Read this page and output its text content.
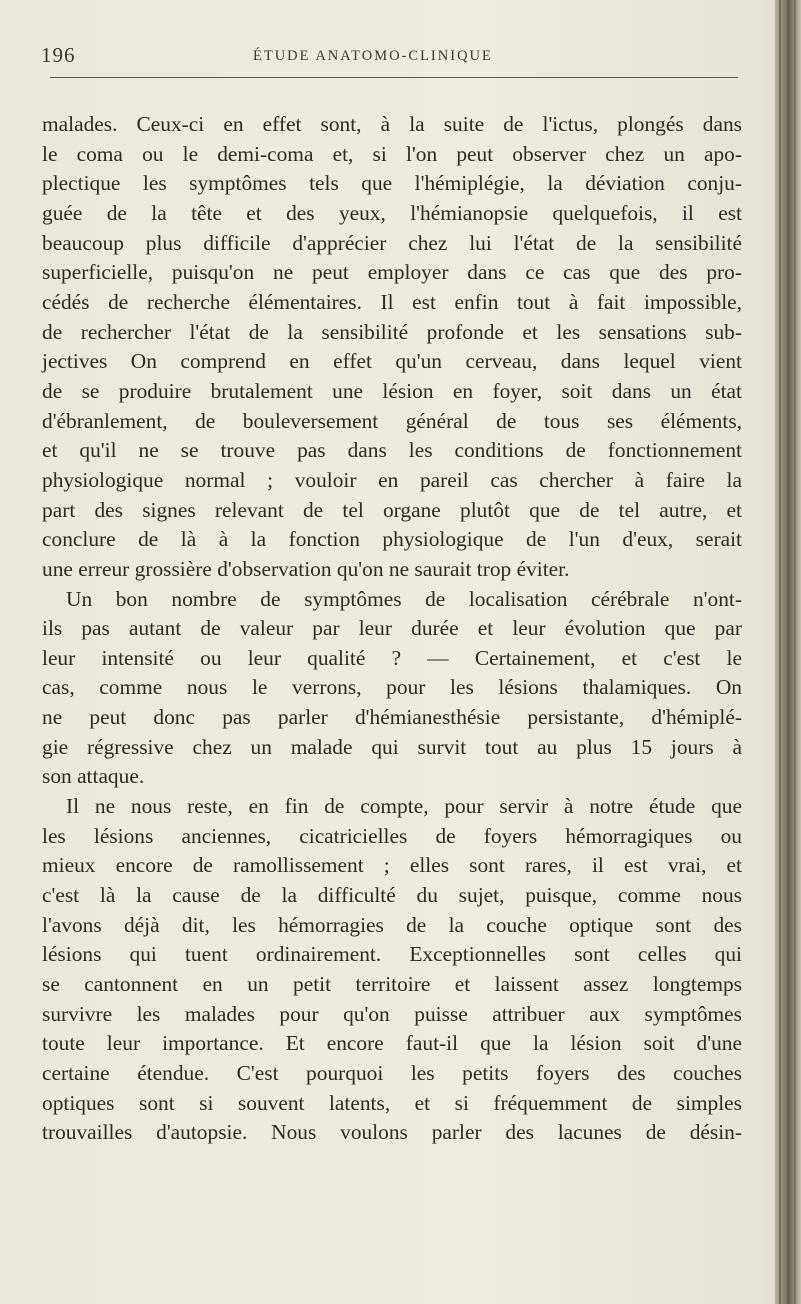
196	ÉTUDE ANATOMO-CLINIQUE
malades. Ceux-ci en effet sont, à la suite de l'ictus, plongés dans
le coma ou le demi-coma et, si l'on peut observer chez un apo-
plectique les symptômes tels que l'hémiplégie, la déviation conju-
guée de la tête et des yeux, l'hémianopsie quelquefois, il est
beaucoup plus difficile d'apprécier chez lui l'état de la sensibilité
superficielle, puisqu'on ne peut employer dans ce cas que des pro-
cédés de recherche élémentaires. Il est enfin tout à fait impossible,
de rechercher l'état de la sensibilité profonde et les sensations sub-
jectives On comprend en effet qu'un cerveau, dans lequel vient
de se produire brutalement une lésion en foyer, soit dans un état
d'ébranlement, de bouleversement général de tous ses éléments,
et qu'il ne se trouve pas dans les conditions de fonctionnement
physiologique normal ; vouloir en pareil cas chercher à faire la
part des signes relevant de tel organe plutôt que de tel autre, et
conclure de là à la fonction physiologique de l'un d'eux, serait
une erreur grossière d'observation qu'on ne saurait trop éviter.
Un bon nombre de symptômes de localisation cérébrale n'ont-
ils pas autant de valeur par leur durée et leur évolution que par
leur intensité ou leur qualité ? — Certainement, et c'est le
cas, comme nous le verrons, pour les lésions thalamiques. On
ne peut donc pas parler d'hémianesthésie persistante, d'hémiplé-
gie régressive chez un malade qui survit tout au plus 15 jours à
son attaque.
Il ne nous reste, en fin de compte, pour servir à notre étude que
les lésions anciennes, cicatricielles de foyers hémorragiques ou
mieux encore de ramollissement ; elles sont rares, il est vrai, et
c'est là la cause de la difficulté du sujet, puisque, comme nous
l'avons déjà dit, les hémorragies de la couche optique sont des
lésions qui tuent ordinairement. Exceptionnelles sont celles qui
se cantonnent en un petit territoire et laissent assez longtemps
survivre les malades pour qu'on puisse attribuer aux symptômes
toute leur importance. Et encore faut-il que la lésion soit d'une
certaine étendue. C'est pourquoi les petits foyers des couches
optiques sont si souvent latents, et si fréquemment de simples
trouvailles d'autopsie. Nous voulons parler des lacunes de désin-
